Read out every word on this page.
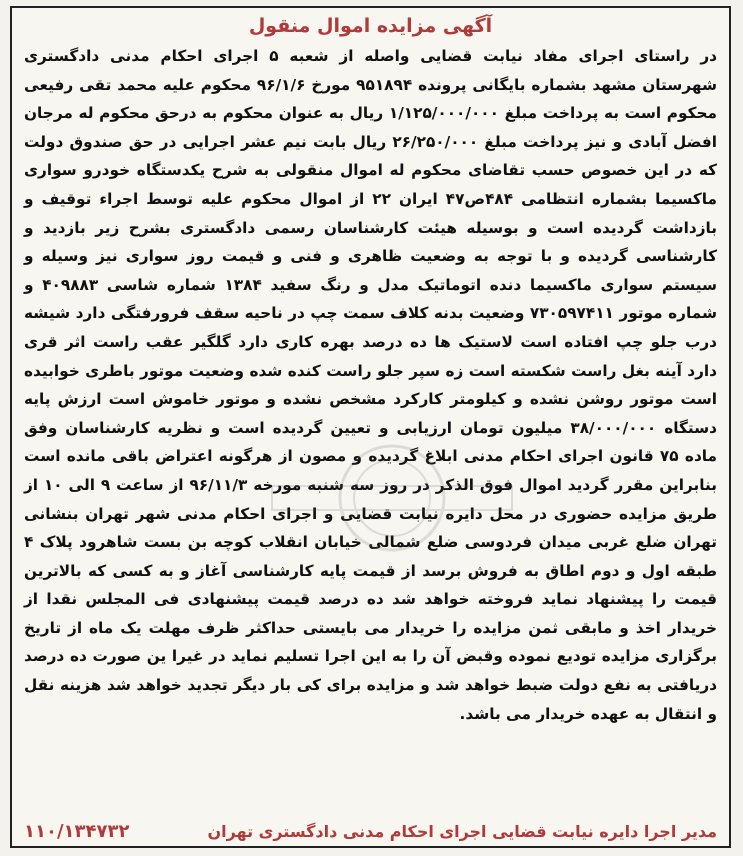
آگهی مزایده اموال منقول

در راستای اجرای مفاد نیابت قضایی واصله از شعبه ۵ اجرای احکام مدنی دادگستری شهرستان مشهد بشماره بایگانی پرونده ۹۵۱۸۹۴ مورخ ۹۶/۱/۶ محکوم علیه محمد تقی رفیعی محکوم است به پرداخت مبلغ ۱/۱۲۵/۰۰۰/۰۰۰ ریال به عنوان محکوم به درحق محکوم له مرجان افضل آبادی و نیز پرداخت مبلغ ۲۶/۲۵۰/۰۰۰ ریال بابت نیم عشر اجرایی در حق صندوق دولت که در این خصوص حسب تقاضای محکوم له اموال منقولی به شرح یکدستگاه خودرو سواری ماکسیما بشماره انتظامی ۴۸۴ص۴۷ ایران ۲۲ از اموال محکوم علیه توسط اجراء توقیف و بازداشت گردیده است و بوسیله هیئت کارشناسان رسمی دادگستری بشرح زیر بازدید و کارشناسی گردیده و با توجه به وضعیت ظاهری و فنی و قیمت روز سواری نیز وسیله و سیستم سواری ماکسیما دنده اتوماتیک مدل و رنگ سفید ۱۳۸۴ شماره شاسی ۴۰۹۸۸۳ و شماره موتور ۷۳۰۵۹۷۴۱۱ وضعیت بدنه کلاف سمت چپ در ناحیه سقف فرورفتگی دارد شیشه درب جلو چپ افتاده است لاستیک ها ده درصد بهره کاری دارد گلگیر عقب راست اثر قری دارد آینه بغل راست شکسته است زه سپر جلو راست کنده شده وضعیت موتور باطری خوابیده است موتور روشن نشده و کیلومتر کارکرد مشخص نشده و موتور خاموش است ارزش پایه دستگاه ۳۸/۰۰۰/۰۰۰ میلیون تومان ارزیابی و تعیین گردیده است و نظریه کارشناسان وفق ماده ۷۵ قانون اجرای احکام مدنی ابلاغ گردیده و مصون از هرگونه اعتراض باقی مانده است بنابراین مقرر گردید اموال فوق الذکر در روز سه شنبه مورخه ۹۶/۱۱/۳ از ساعت ۹ الی ۱۰ از طریق مزایده حضوری در محل دایره نیابت قضایی و اجرای احکام مدنی شهر تهران بنشانی تهران ضلع غربی میدان فردوسی ضلع شمالی خیابان انقلاب کوچه بن بست شاهرود پلاک ۴ طبقه اول و دوم اطاق به فروش برسد از قیمت پایه کارشناسی آغاز و به کسی که بالاترین قیمت را پیشنهاد نماید فروخته خواهد شد ده درصد قیمت پیشنهادی فی المجلس نقدا از خریدار اخذ و مابقی ثمن مزایده را خریدار می بایستی حداکثر ظرف مهلت یک ماه از تاریخ برگزاری مزایده تودیع نموده وقبض آن را به این اجرا تسلیم نماید در غیرا ین صورت ده درصد دریافتی به نفع دولت ضبط خواهد شد و مزایده برای کی بار دیگر تجدید خواهد شد هزینه نقل و انتقال به عهده خریدار می باشد.

مدیر اجرا دایره نیابت قضایی اجرای احکام مدنی دادگستری تهران
۱۱۰/۱۳۴۷۳۲
